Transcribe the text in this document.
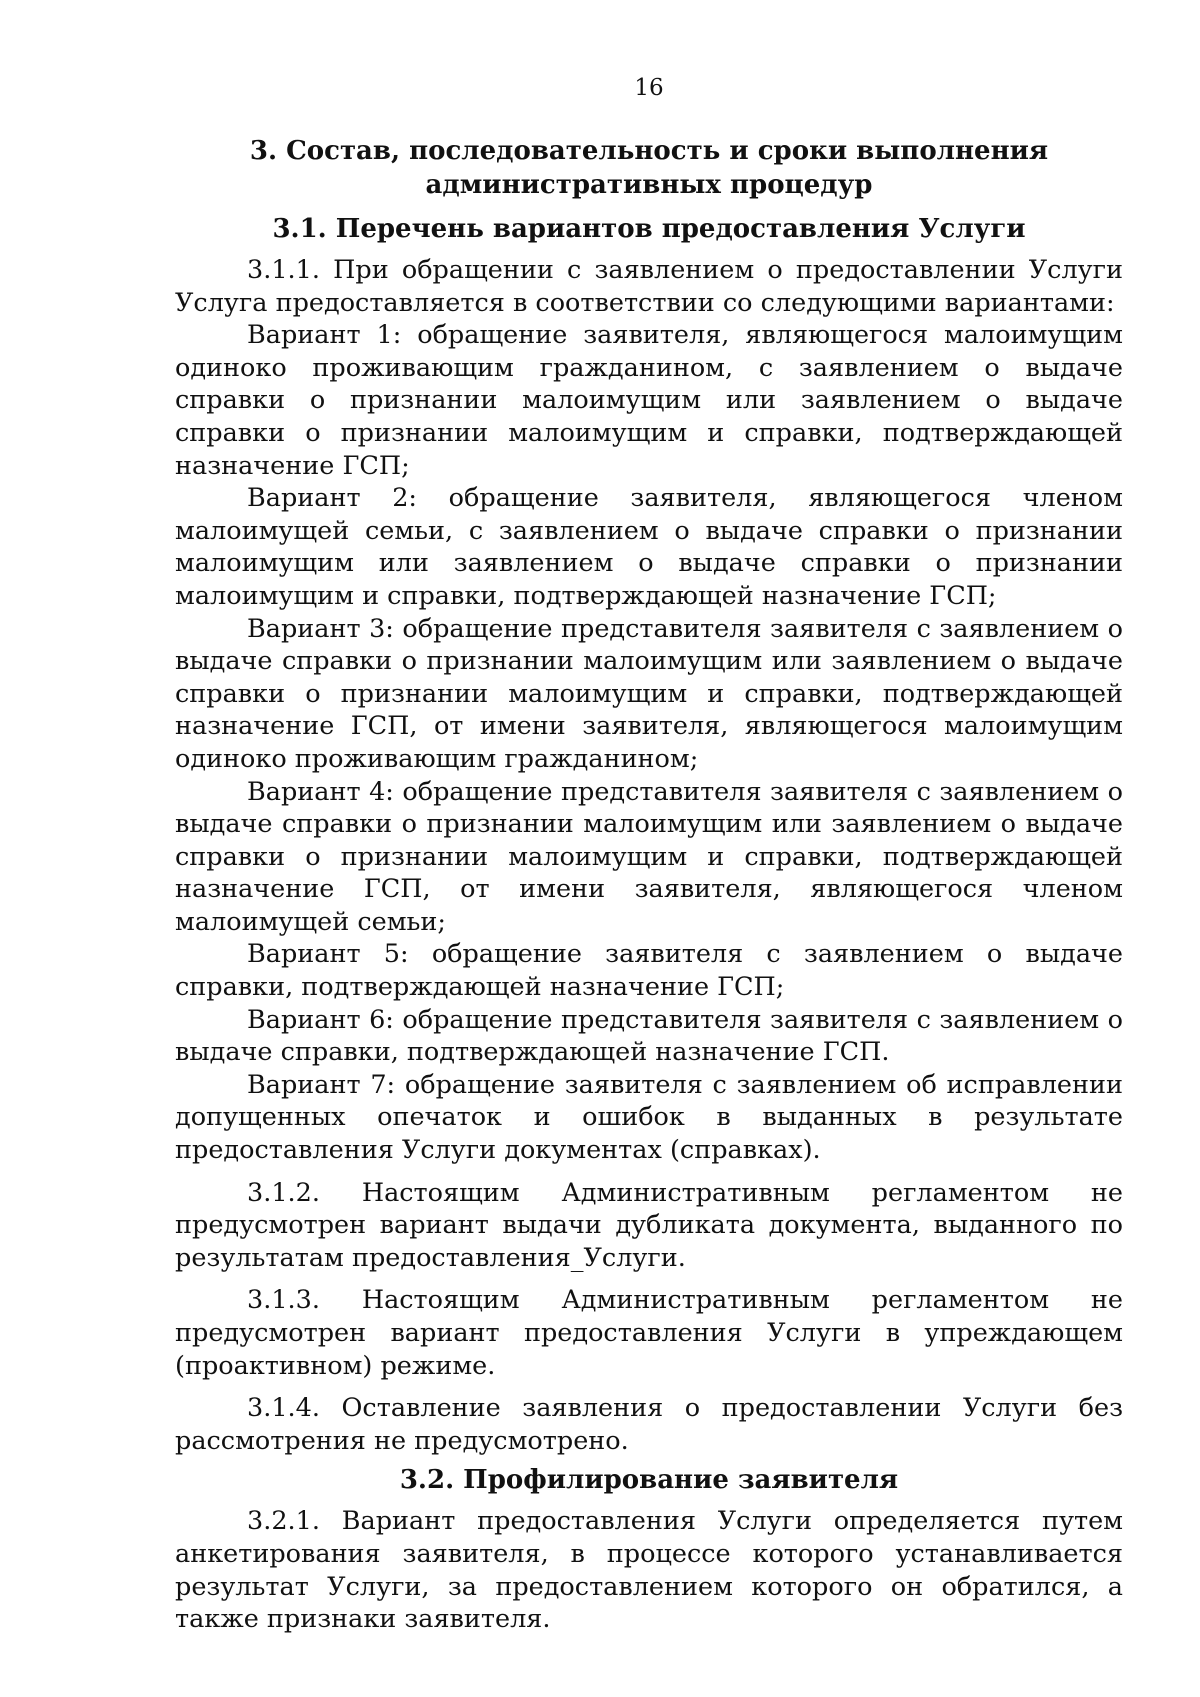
16
3. Состав, последовательность и сроки выполнения административных процедур
3.1. Перечень вариантов предоставления Услуги

3.1.1. При обращении с заявлением о предоставлении Услуги Услуга предоставляется в соответствии со следующими вариантами:

Вариант 1: обращение заявителя, являющегося малоимущим одиноко проживающим гражданином, с заявлением о выдаче справки о признании малоимущим или заявлением о выдаче справки о признании малоимущим и справки, подтверждающей назначение ГСП;

Вариант 2: обращение заявителя, являющегося членом малоимущей семьи, с заявлением о выдаче справки о признании малоимущим или заявлением о выдаче справки о признании малоимущим и справки, подтверждающей назначение ГСП;

Вариант 3: обращение представителя заявителя с заявлением о выдаче справки о признании малоимущим или заявлением о выдаче справки о признании малоимущим и справки, подтверждающей назначение ГСП, от имени заявителя, являющегося малоимущим одиноко проживающим гражданином;

Вариант 4: обращение представителя заявителя с заявлением о выдаче справки о признании малоимущим или заявлением о выдаче справки о признании малоимущим и справки, подтверждающей назначение ГСП, от имени заявителя, являющегося членом малоимущей семьи;

Вариант 5: обращение заявителя с заявлением о выдаче справки, подтверждающей назначение ГСП;

Вариант 6: обращение представителя заявителя с заявлением о выдаче справки, подтверждающей назначение ГСП.

Вариант 7: обращение заявителя с заявлением об исправлении допущенных опечаток и ошибок в выданных в результате предоставления Услуги документах (справках).

3.1.2. Настоящим Административным регламентом не предусмотрен вариант выдачи дубликата документа, выданного по результатам предоставления_Услуги.

3.1.3. Настоящим Административным регламентом не предусмотрен вариант предоставления Услуги в упреждающем (проактивном) режиме.

3.1.4. Оставление заявления о предоставлении Услуги без рассмотрения не предусмотрено.

3.2. Профилирование заявителя

3.2.1. Вариант предоставления Услуги определяется путем анкетирования заявителя, в процессе которого устанавливается результат Услуги, за предоставлением которого он обратился, а также признаки заявителя.
